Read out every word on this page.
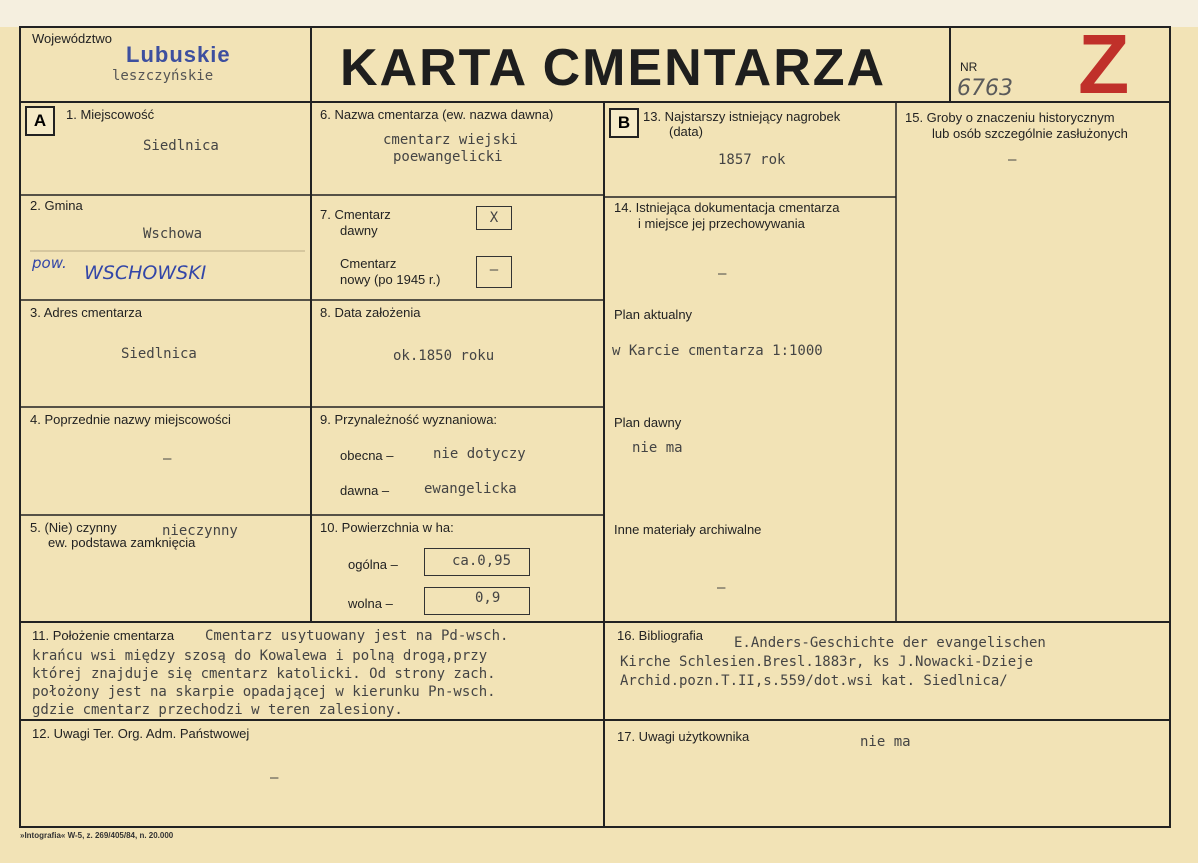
Województwo
Lubuskie
leszczyńskie KARTA CMENTARZA	NR
6763 Z
A	B
1. Miejscowość
Siedlnica
2. Gmina
Wschowa
pow. WSCHOWSKI
3. Adres cmentarza
Siedlnica
4. Poprzednie nazwy miejscowości
–
5. (Nie) czynny
ew. podstawa zamknięcia
nieczynny
6. Nazwa cmentarza (ew. nazwa dawna)
cmentarz wiejski
poewangelicki
7. Cmentarz
dawny
X
Cmentarz
nowy (po 1945 r.)
–
8. Data założenia
ok.1850 roku
9. Przynależność wyznaniowa:
obecna –	nie dotyczy
dawna – ewangelicka
10. Powierzchnia w ha:
ogólna –	ca.0,95
wolna –	0,9
13. Najstarszy istniejący nagrobek
(data)
1857 rok
14. Istniejąca dokumentacja cmentarza
i miejsce jej przechowywania
–
Plan aktualny
w Karcie cmentarza 1:1000
Plan dawny
nie ma
Inne materiały archiwalne
–
15. Groby o znaczeniu historycznym
lub osób szczególnie zasłużonych
–
11. Położenie cmentarza Cmentarz usytuowany jest na Pd-wsch.
krańcu wsi między szosą do Kowalewa i polną drogą,przy
której znajduje się cmentarz katolicki. Od strony zach.
położony jest na skarpie opadającej w kierunku Pn-wsch.
gdzie cmentarz przechodzi w teren zalesiony.
16. Bibliografia E.Anders-Geschichte der evangelischen
Kirche Schlesien.Bresl.1883r, ks J.Nowacki-Dzieje
Archid.pozn.T.II,s.559/dot.wsi kat. Siedlnica/
12. Uwagi Ter. Org. Adm. Państwowej
–
17. Uwagi użytkownika	nie ma
»Intografia« W-5, z. 269/405/84, n. 20.000
